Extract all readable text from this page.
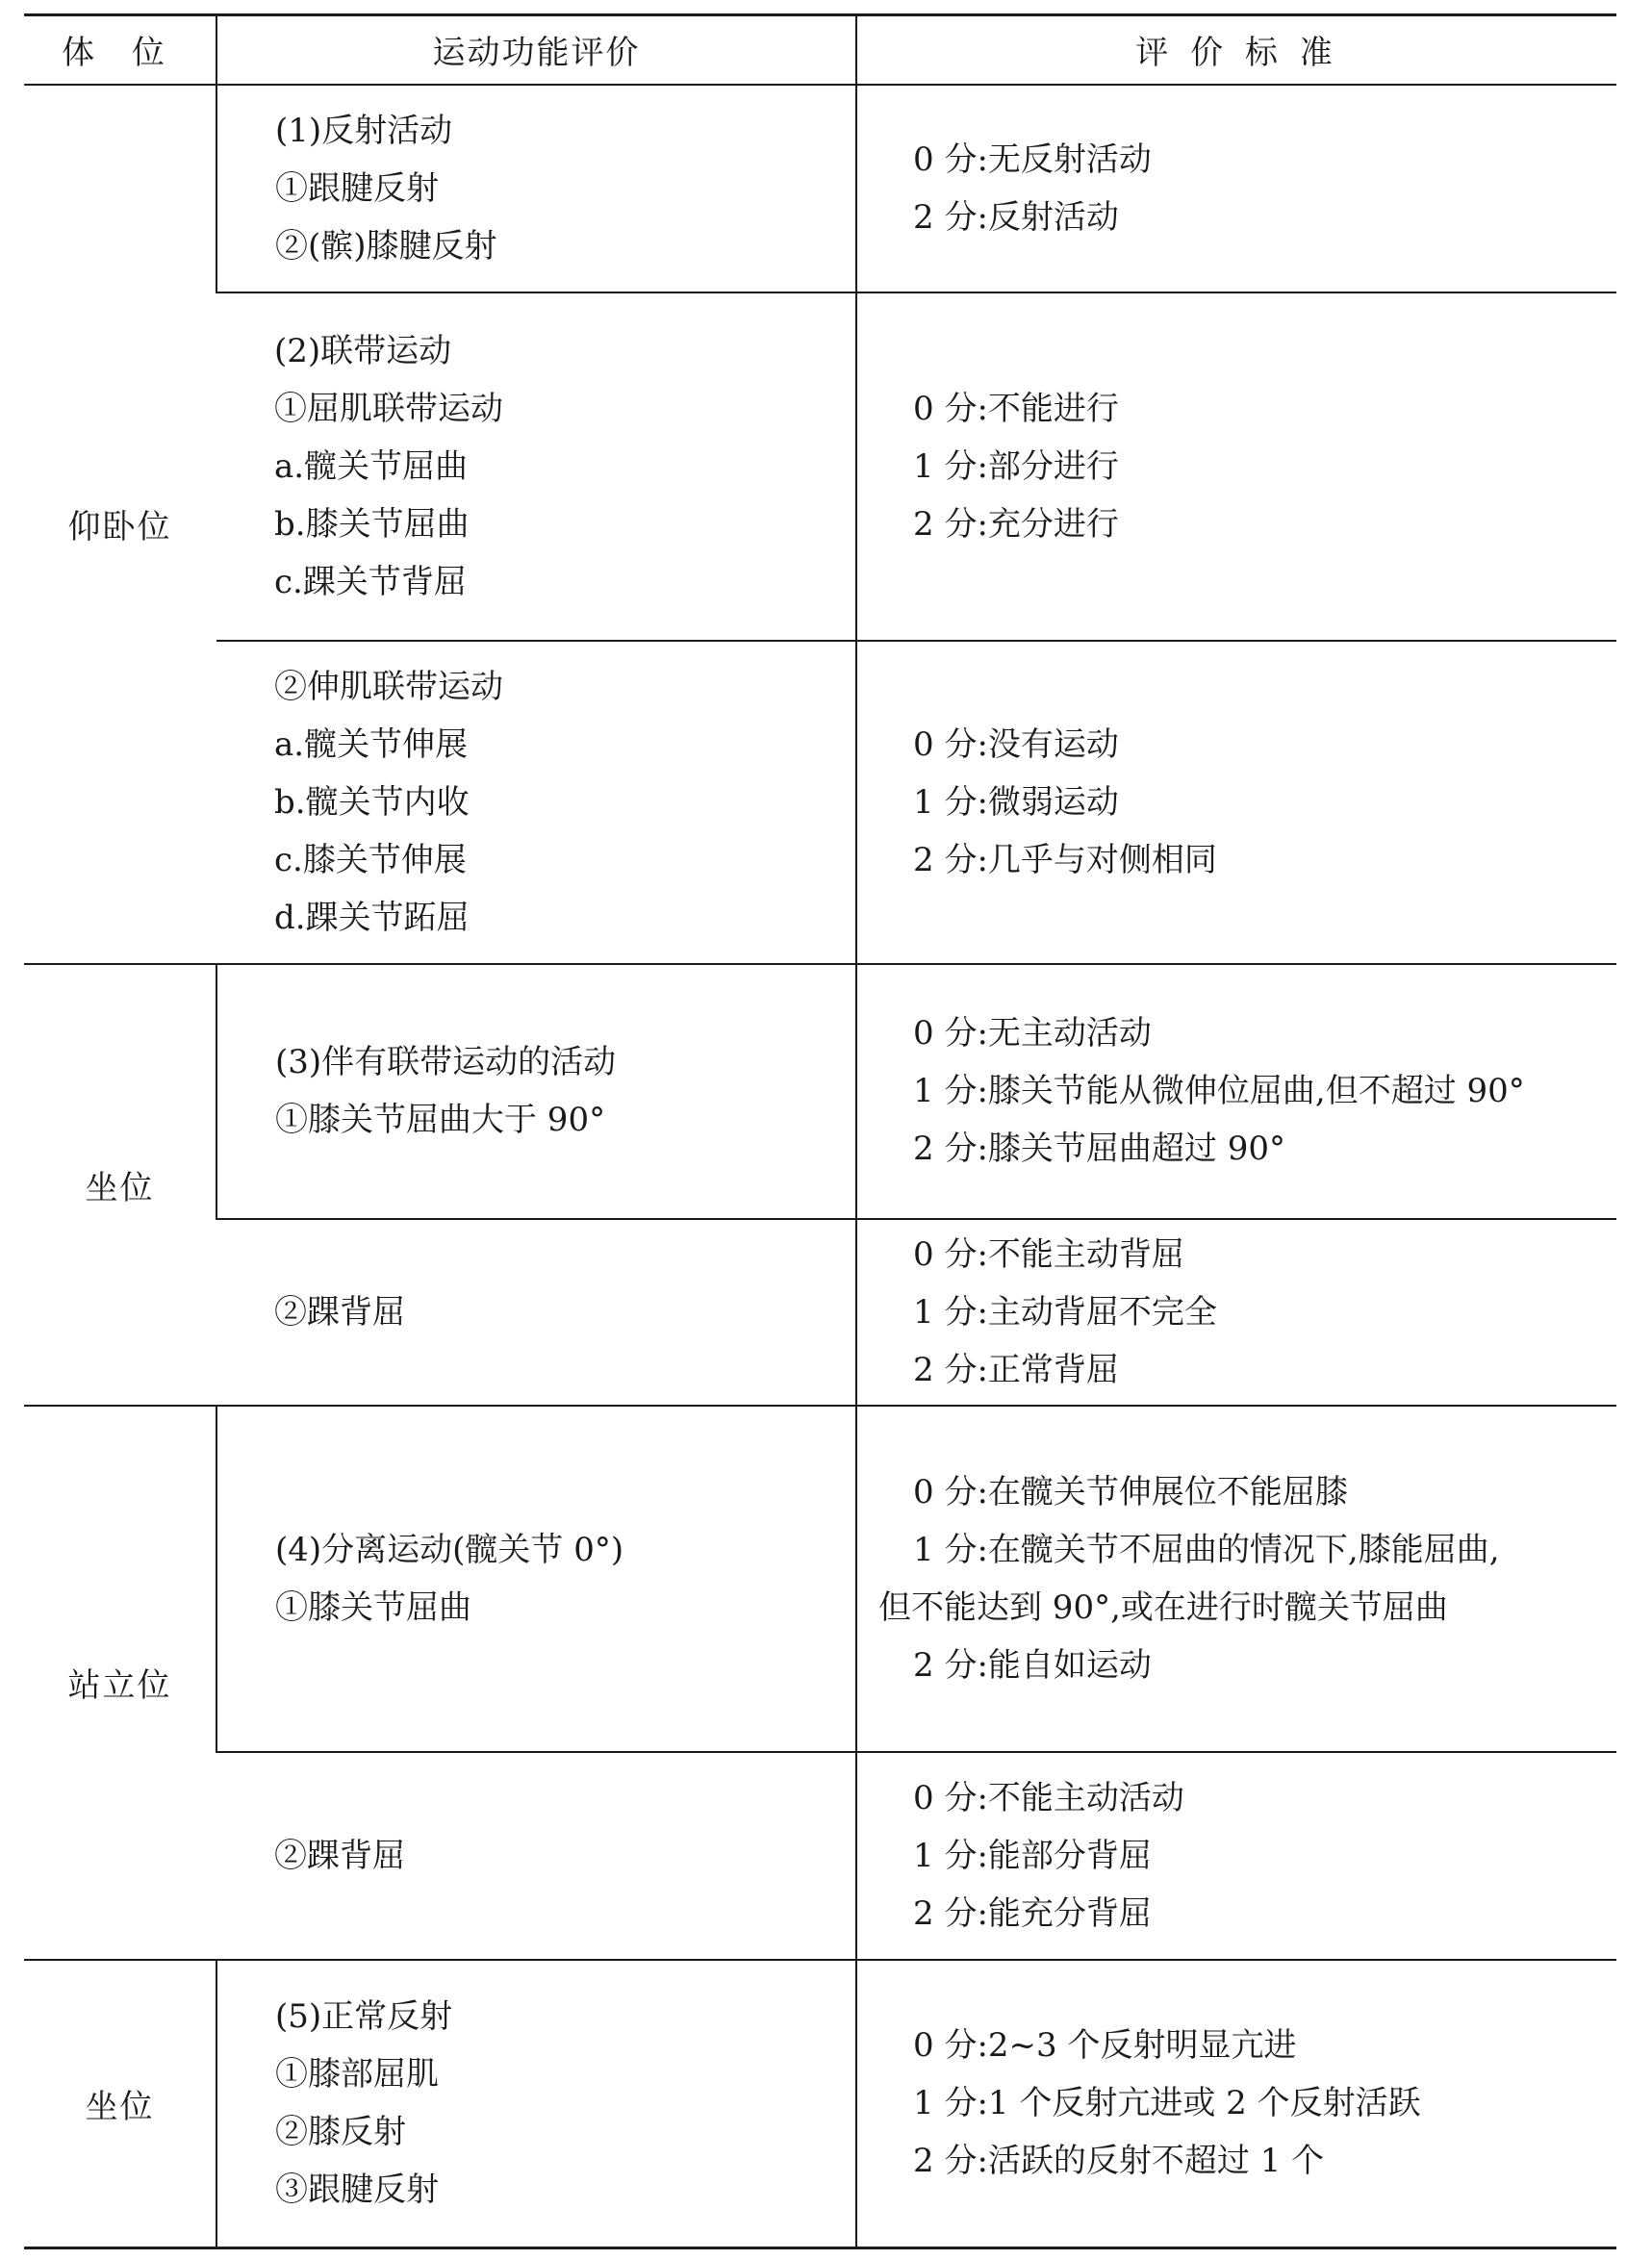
体 位	运动功能评价	评 价 标 准
仰卧位	(1)反射活动
①跟腱反射
②(髌)膝腱反射	0 分:无反射活动
2 分:反射活动

	(2)联带运动
①屈肌联带运动
a.髋关节屈曲
b.膝关节屈曲
c.踝关节背屈	0 分:不能进行
1 分:部分进行
2 分:充分进行

	②伸肌联带运动
a.髋关节伸展
b.髋关节内收
c.膝关节伸展
d.踝关节跖屈	0 分:没有运动
1 分:微弱运动
2 分:几乎与对侧相同

坐位	(3)伴有联带运动的活动
①膝关节屈曲大于 90°	0 分:无主动活动
1 分:膝关节能从微伸位屈曲,但不超过 90°
2 分:膝关节屈曲超过 90°

	②踝背屈	0 分:不能主动背屈
1 分:主动背屈不完全
2 分:正常背屈

站立位	(4)分离运动(髋关节 0°)
①膝关节屈曲	0 分:在髋关节伸展位不能屈膝
1 分:在髋关节不屈曲的情况下,膝能屈曲,
但不能达到 90°,或在进行时髋关节屈曲
2 分:能自如运动

	②踝背屈	0 分:不能主动活动
1 分:能部分背屈
2 分:能充分背屈

坐位	(5)正常反射
①膝部屈肌
②膝反射
③跟腱反射	0 分:2~3 个反射明显亢进
1 分:1 个反射亢进或 2 个反射活跃
2 分:活跃的反射不超过 1 个
